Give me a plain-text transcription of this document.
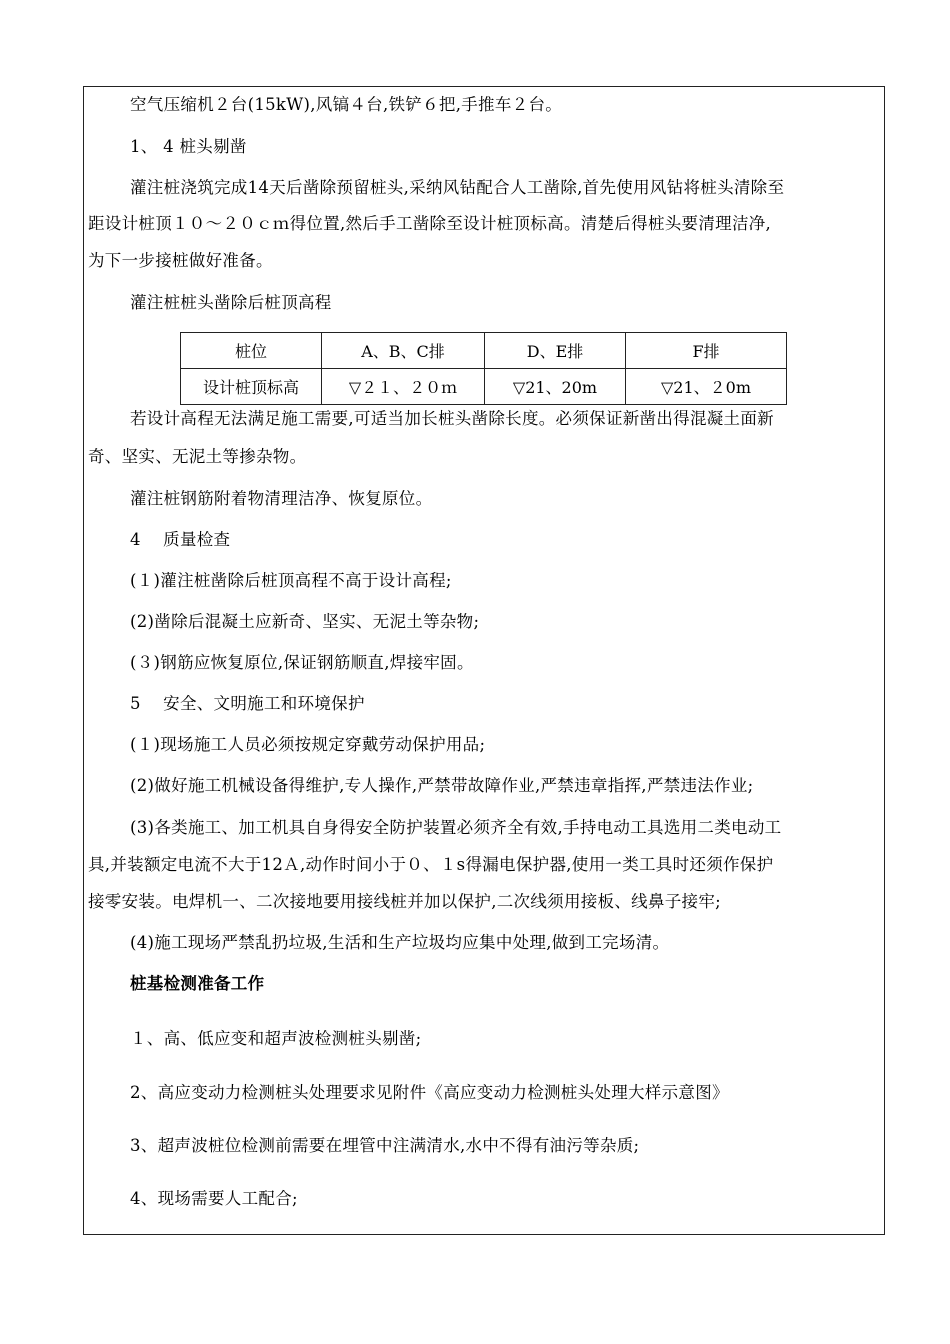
空气压缩机２台(15kW),风镐４台,铁铲６把,手推车２台。
1、 4 桩头剔凿
灌注桩浇筑完成14天后凿除预留桩头,采纳风钻配合人工凿除,首先使用风钻将桩头清除至
距设计桩顶１０～２０ｃｍ得位置,然后手工凿除至设计桩顶标高。清楚后得桩头要清理洁净,
为下一步接桩做好准备。
灌注桩桩头凿除后桩顶高程
桩位	A、B、C排	D、E排	F排
设计桩顶标高	▽２１、２０ｍ	▽21、20m	▽21、２0m
若设计高程无法满足施工需要,可适当加长桩头凿除长度。必须保证新凿出得混凝土面新
奇、坚实、无泥土等掺杂物。
灌注桩钢筋附着物清理洁净、恢复原位。
4　 质量检查
(１)灌注桩凿除后桩顶高程不高于设计高程;
(2)凿除后混凝土应新奇、坚实、无泥土等杂物;
(３)钢筋应恢复原位,保证钢筋顺直,焊接牢固。
5　 安全、文明施工和环境保护
(１)现场施工人员必须按规定穿戴劳动保护用品;
(2)做好施工机械设备得维护,专人操作,严禁带故障作业,严禁违章指挥,严禁违法作业;
(3)各类施工、加工机具自身得安全防护装置必须齐全有效,手持电动工具选用二类电动工
具,并装额定电流不大于12Ａ,动作时间小于０、１s得漏电保护器,使用一类工具时还须作保护
接零安装。电焊机一、二次接地要用接线桩并加以保护,二次线须用接板、线鼻子接牢;
(4)施工现场严禁乱扔垃圾,生活和生产垃圾均应集中处理,做到工完场清。
桩基检测准备工作
１、高、低应变和超声波检测桩头剔凿;
2、高应变动力检测桩头处理要求见附件《高应变动力检测桩头处理大样示意图》
3、超声波桩位检测前需要在埋管中注满清水,水中不得有油污等杂质;
4、现场需要人工配合;
